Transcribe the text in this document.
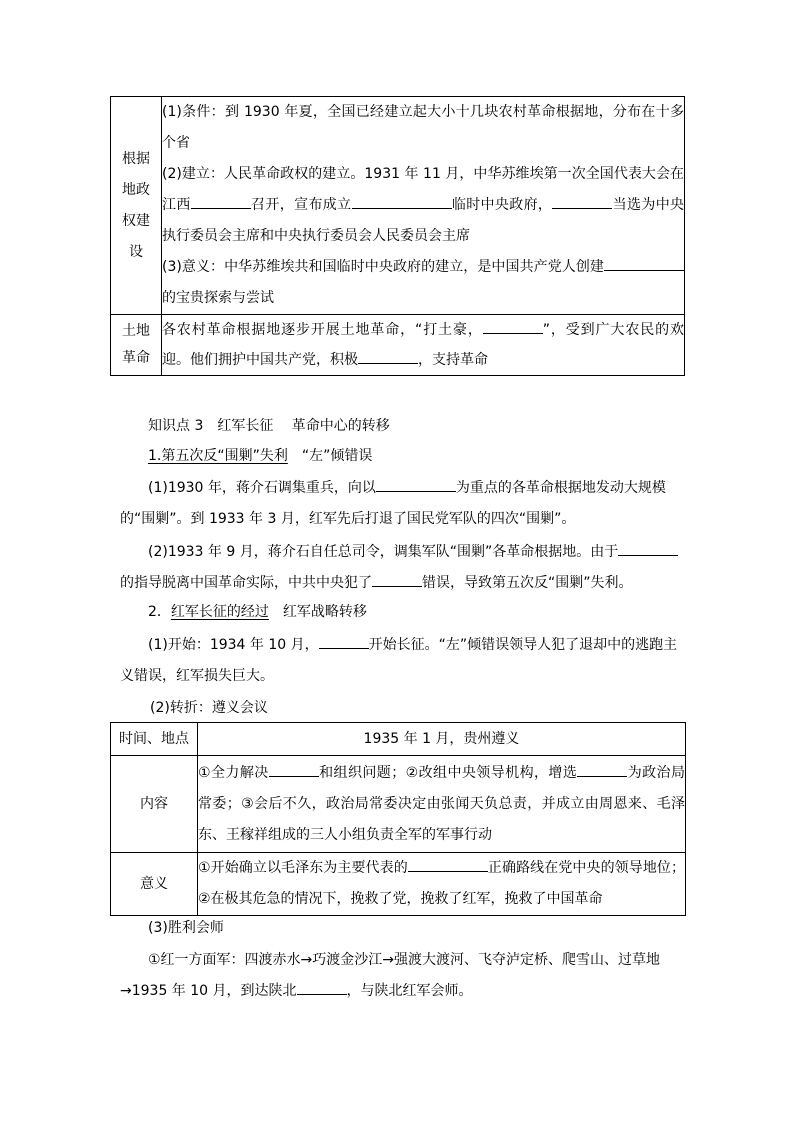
根据地政权建设	(1)条件：到 1930 年夏，全国已经建立起大小十几块农村革命根据地，分布在十多个省
(2)建立：人民革命政权的建立。1931 年 11 月，中华苏维埃第一次全国代表大会在江西 召开，宣布成立 临时中央政府， 当选为中央执行委员会主席和中央执行委员会人民委员会主席
(3)意义：中华苏维埃共和国临时中央政府的建立，是中国共产党人创建的宝贵探索与尝试

土地革命	各农村革命根据地逐步开展土地革命，“打土豪， ”，受到广大农民的欢迎。他们拥护中国共产党，积极 ，支持革命
知识点 3　红军长征　 革命中心的转移
1.第五次反“围剿”失利　“左”倾错误
(1)1930 年，蒋介石调集重兵，向以	为重点的各革命根据地发动大规模的“围剿”。到 1933 年 3 月，红军先后打退了国民党军队的四次“围剿”。
(2)1933 年 9 月，蒋介石自任总司令，调集军队“围剿”各革命根据地。由于的指导脱离中国革命实际，中共中央犯了	错误，导致第五次反“围剿”失利。
2．红军长征的经过　红军战略转移
(1)开始：1934 年 10 月，	开始长征。“左”倾错误领导人犯了退却中的逃跑主义错误，红军损失巨大。
(2)转折：遵义会议
时间、地点	1935 年 1 月，贵州遵义
内容	①全力解决 和组织问题；②改组中央领导机构，增选 为政治局常委；③会后不久，政治局常委决定由张闻天负总责，并成立由周恩来、毛泽东、王稼祥组成的三人小组负责全军的军事行动
意义	①开始确立以毛泽东为主要代表的 正确路线在党中央的领导地位；②在极其危急的情况下，挽救了党，挽救了红军，挽救了中国革命
(3)胜利会师
①红一方面军：四渡赤水→巧渡金沙江→强渡大渡河、飞夺泸定桥、爬雪山、过草地→1935 年 10 月，到达陕北	，与陕北红军会师。
